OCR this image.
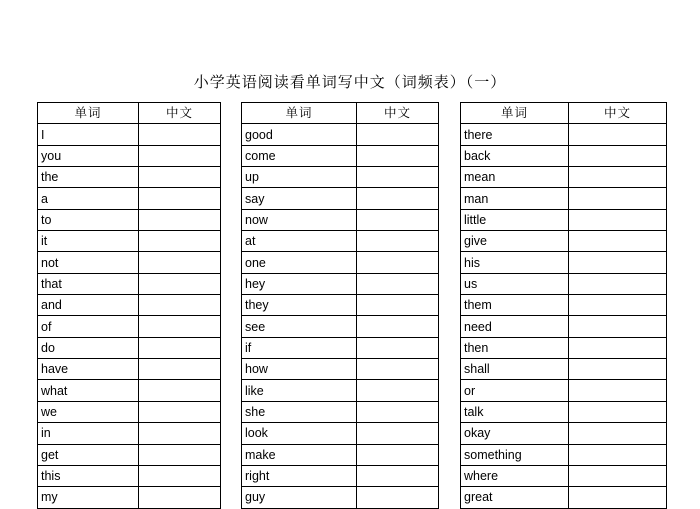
小学英语阅读看单词写中文（词频表）（一）
单词	中文		单词	中文		单词	中文
I			good			there	
you			come			back	
the			up			mean	
a			say			man	
to			now			little	
it			at			give	
not			one			his	
that			hey			us	
and			they			them	
of			see			need	
do			if			then	
have			how			shall	
what			like			or	
we			she			talk	
in			look			okay	
get			make			something	
this			right			where	
my			guy			great	
